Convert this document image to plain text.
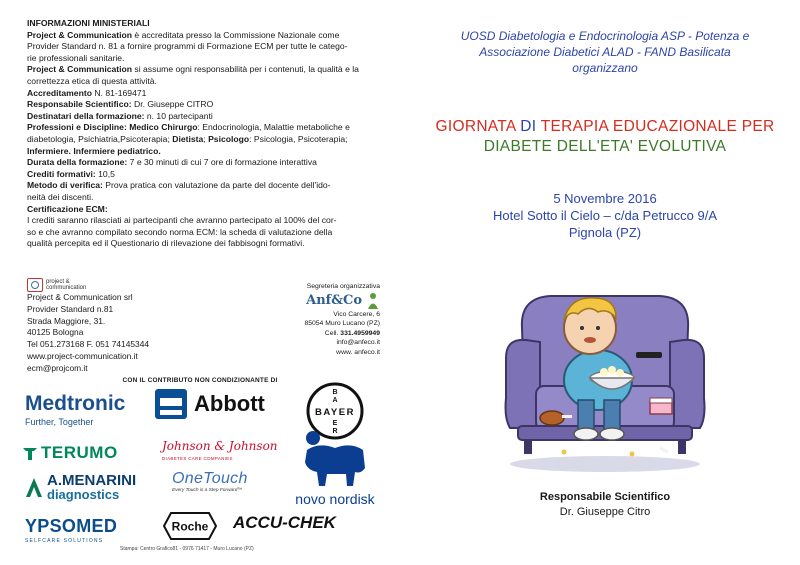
INFORMAZIONI MINISTERIALI
Project & Communication è accreditata presso la Commissione Nazionale come
Provider Standard n. 81 a fornire programmi di Formazione ECM per tutte le catego-
rie professionali sanitarie.
Project & Communication si assume ogni responsabilità per i contenuti, la qualità e la
correttezza etica di questa attività.
Accreditamento N. 81-169471
Responsabile Scientifico: Dr. Giuseppe CITRO
Destinatari della formazione: n. 10 partecipanti
Professioni e Discipline: Medico Chirurgo: Endocrinologia, Malattie metaboliche e
diabetologia, Psichiatria,Psicoterapia; Dietista; Psicologo: Psicologia, Psicoterapia;
Infermiere. Infermiere pediatrico.
Durata della formazione: 7 e 30 minuti di cui 7 ore di formazione interattiva
Crediti formativi: 10,5
Metodo di verifica: Prova pratica con valutazione da parte del docente dell'ido-
neità dei discenti.
Certificazione ECM:
I crediti saranno rilasciati ai partecipanti che avranno partecipato al 100% del cor-
so e che avranno compilato secondo norma ECM: la scheda di valutazione della
qualità percepita ed il Questionario di rilevazione dei fabbisogni formativi.
project &
communication
Project & Communication srl
Provider Standard n.81
Strada Maggiore, 31.
40125 Bologna
Tel 051.273168 F. 051 74145344
www.project-communication.it
ecm@projcom.it
Segreteria organizzativa
Anf&Co
Vico Carcere, 6
85054 Muro Lucano (PZ)
Cell. 331.4959949
info@anfeco.it
www. anfeco.it
CON IL CONTRIBUTO NON CONDIZIONANTE DI
Medtronic
Further, Together
Abbott	BAYER
B
A
E
R
TERUMO	Johnson & Johnson
DIABETES CARE COMPANIES
OneTouch
Every Touch is a Step Forward™
A.MENARINI
diagnostics	novo nordisk
YPSOMED
SELFCARE SOLUTIONS
Roche ACCU-CHEK
Stampa: Centro Grafico81 - 0976 71417 - Muro Lucano (PZ)
UOSD Diabetologia e Endocrinologia ASP - Potenza e
Associazione Diabetici ALAD - FAND Basilicata
organizzano
GIORNATA DI TERAPIA EDUCAZIONALE PER
DIABETE DELL'ETA' EVOLUTIVA
5 Novembre 2016
Hotel Sotto il Cielo – c/da Petrucco 9/A
Pignola (PZ)
Responsabile Scientifico
Dr. Giuseppe Citro
